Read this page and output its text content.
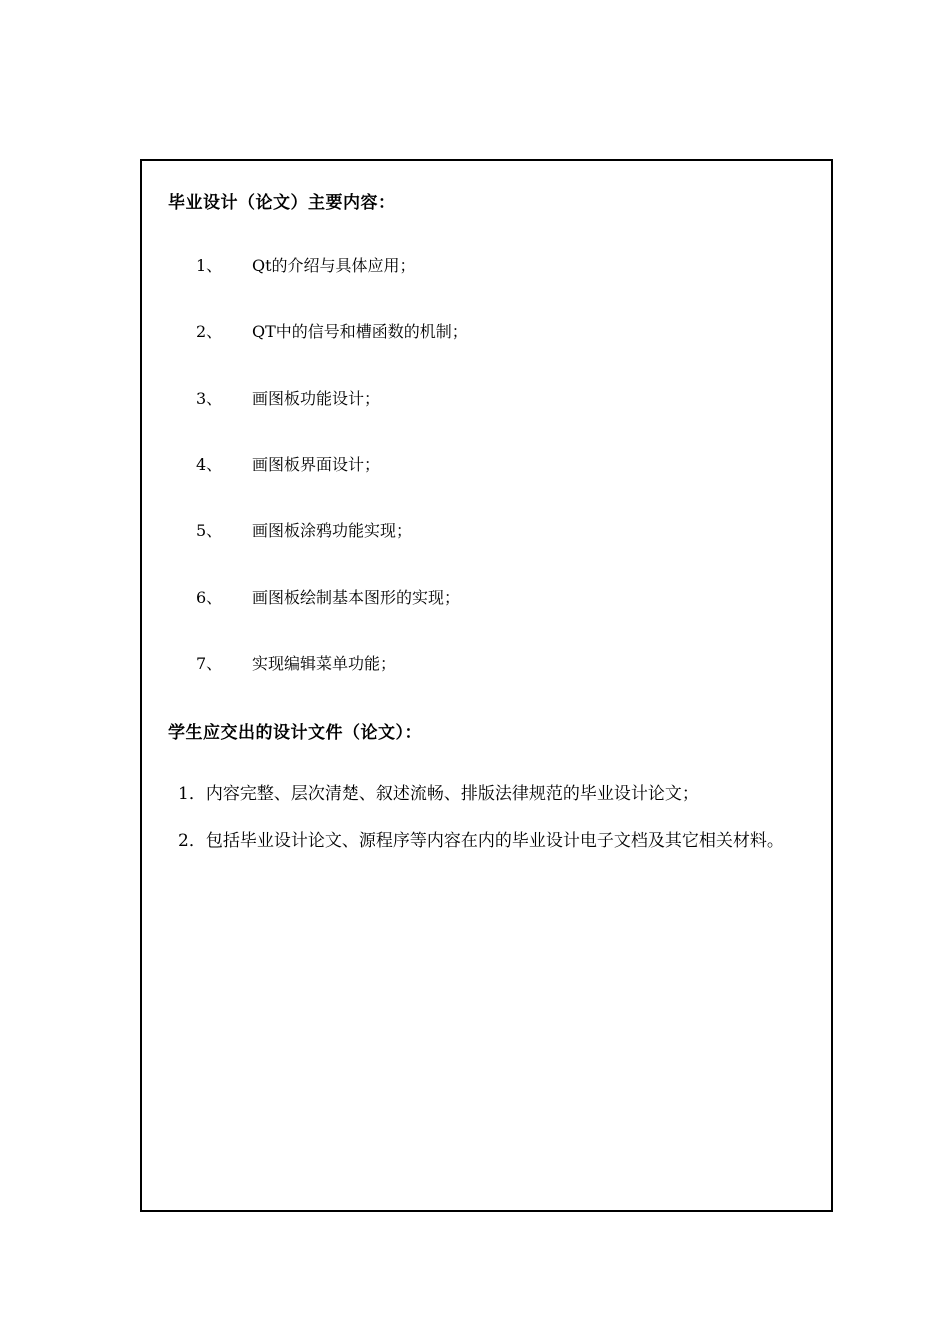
毕业设计（论文）主要内容：
1、 Qt的介绍与具体应用；
2、 QT中的信号和槽函数的机制；
3、 画图板功能设计；
4、 画图板界面设计；
5、 画图板涂鸦功能实现；
6、 画图板绘制基本图形的实现；
7、 实现编辑菜单功能；
学生应交出的设计文件（论文）：
1．内容完整、层次清楚、叙述流畅、排版法律规范的毕业设计论文；
2．包括毕业设计论文、源程序等内容在内的毕业设计电子文档及其它相关材料。
